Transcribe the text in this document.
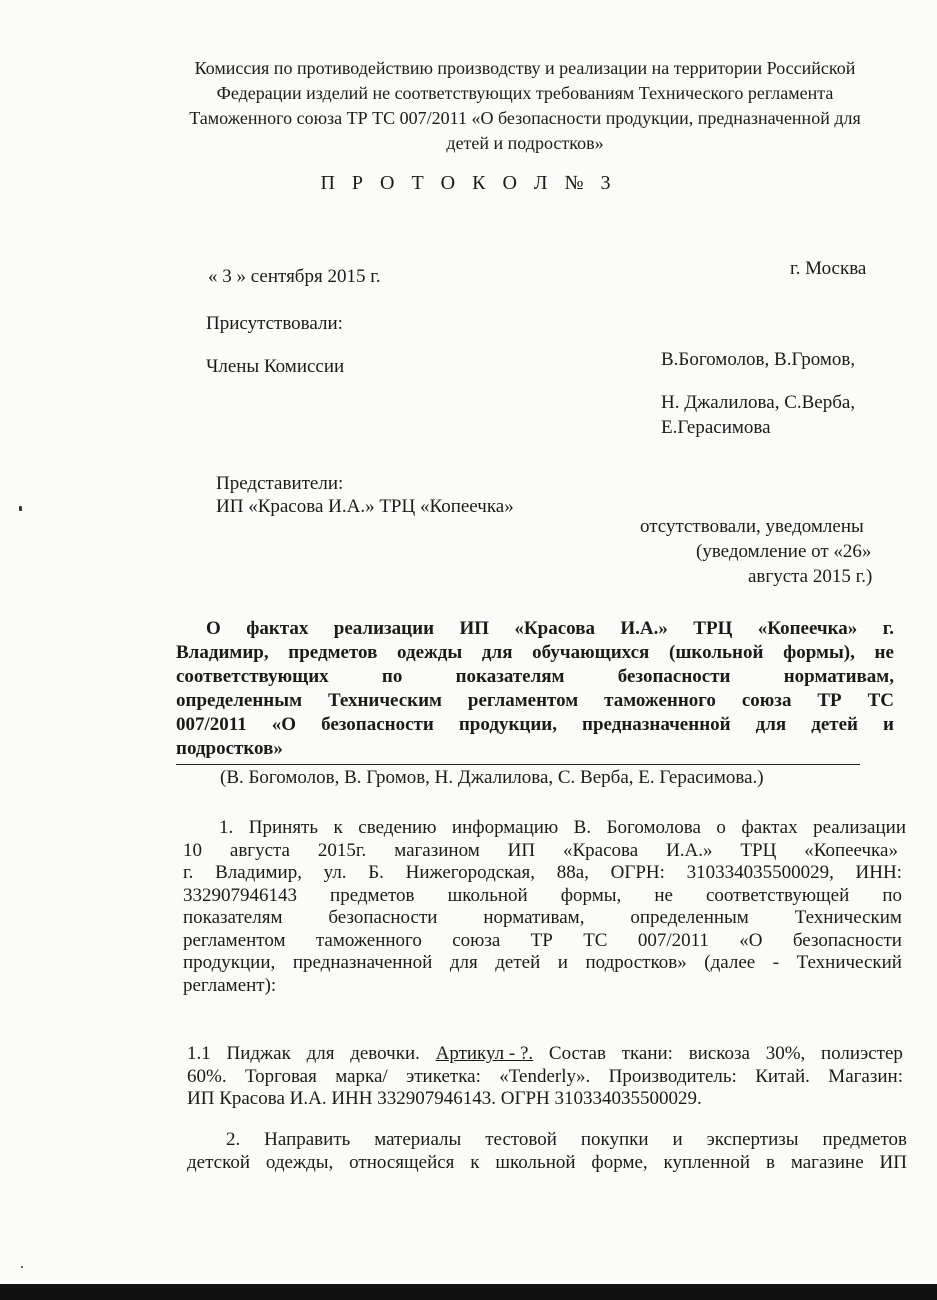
Комиссия по противодействию производству и реализации на территории Российской
Федерации изделий не соответствующих требованиям Технического регламента
Таможенного союза ТР ТС 007/2011 «О безопасности продукции, предназначенной для
детей и подростков»
П Р О Т О К О Л № 3
« 3 » сентября 2015 г.	г. Москва
Присутствовали:
Члены Комиссии	В.Богомолов, В.Громов,
Н. Джалилова, С.Верба,
Е.Герасимова
Представители:
ИП «Красова И.А.» ТРЦ «Копеечка»
отсутствовали, уведомлены
(уведомление от «26»
августа 2015 г.)
О фактах реализации ИП «Красова И.А.» ТРЦ «Копеечка» г.
Владимир, предметов одежды для обучающихся (школьной формы), не
соответствующих	по	показателям	безопасности	нормативам,
определенным Техническим регламентом таможенного союза ТР ТС
007/2011 «О безопасности продукции, предназначенной для детей и
подростков»
(В. Богомолов, В. Громов, Н. Джалилова, С. Верба, Е. Герасимова.)
1. Принять к сведению информацию В. Богомолова о фактах реализации
10 августа 2015г. магазином ИП «Красова И.А.» ТРЦ «Копеечка»
г. Владимир, ул. Б. Нижегородская, 88а, ОГРН: 310334035500029, ИНН:
332907946143 предметов школьной формы, не соответствующей по
показателям безопасности нормативам, определенным Техническим
регламентом таможенного союза ТР ТС 007/2011 «О безопасности
продукции, предназначенной для детей и подростков» (далее - Технический
регламент):
1.1 Пиджак для девочки. Артикул - ?. Состав ткани: вискоза 30%, полиэстер
60%. Торговая марка/ этикетка: «Tenderly». Производитель: Китай. Магазин:
ИП Красова И.А. ИНН 332907946143. ОГРН 310334035500029.
2. Направить материалы тестовой покупки и экспертизы предметов
детской одежды, относящейся к школьной форме, купленной в магазине ИП
